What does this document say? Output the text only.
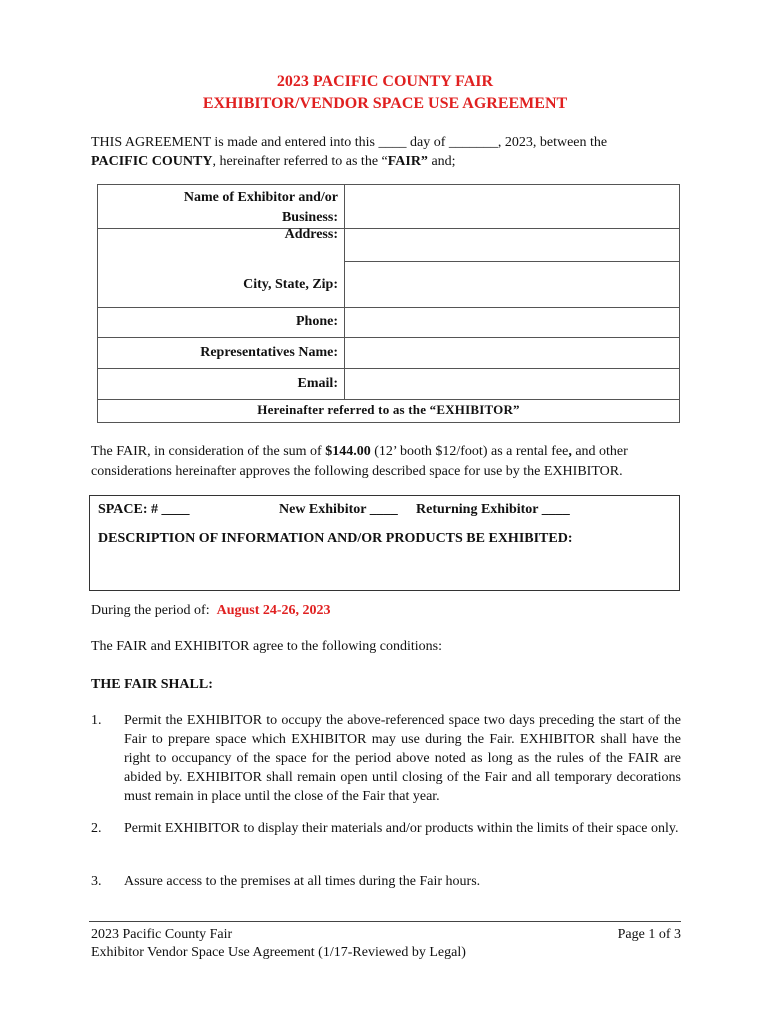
2023 PACIFIC COUNTY FAIR
EXHIBITOR/VENDOR SPACE USE AGREEMENT
THIS AGREEMENT is made and entered into this ____ day of _______, 2023, between the
PACIFIC COUNTY, hereinafter referred to as the “FAIR” and;
Name of Exhibitor and/or
Business:	

Address:
City, State, Zip:	

Phone:	
Representatives Name:	
Email:	
Hereinafter referred to as the “EXHIBITOR”
The FAIR, in consideration of the sum of $144.00 (12’ booth $12/foot) as a rental fee, and other considerations hereinafter approves the following described space for use by the EXHIBITOR.
SPACE: # ____	New Exhibitor ____ Returning Exhibitor ____
DESCRIPTION OF INFORMATION AND/OR PRODUCTS BE EXHIBITED:
During the period of:  August 24-26, 2023
The FAIR and EXHIBITOR agree to the following conditions:
THE FAIR SHALL:
1. Permit the EXHIBITOR to occupy the above-referenced space two days preceding the start of the Fair to prepare space which EXHIBITOR may use during the Fair. EXHIBITOR shall have the right to occupancy of the space for the period above noted as long as the rules of the FAIR are abided by. EXHIBITOR shall remain open until closing of the Fair and all temporary decorations must remain in place until the close of the Fair that year.
2. Permit EXHIBITOR to display their materials and/or products within the limits of their space only.
3. Assure access to the premises at all times during the Fair hours.
2023 Pacific County Fair
Exhibitor Vendor Space Use Agreement (1/17-Reviewed by Legal)
Page 1 of 3
